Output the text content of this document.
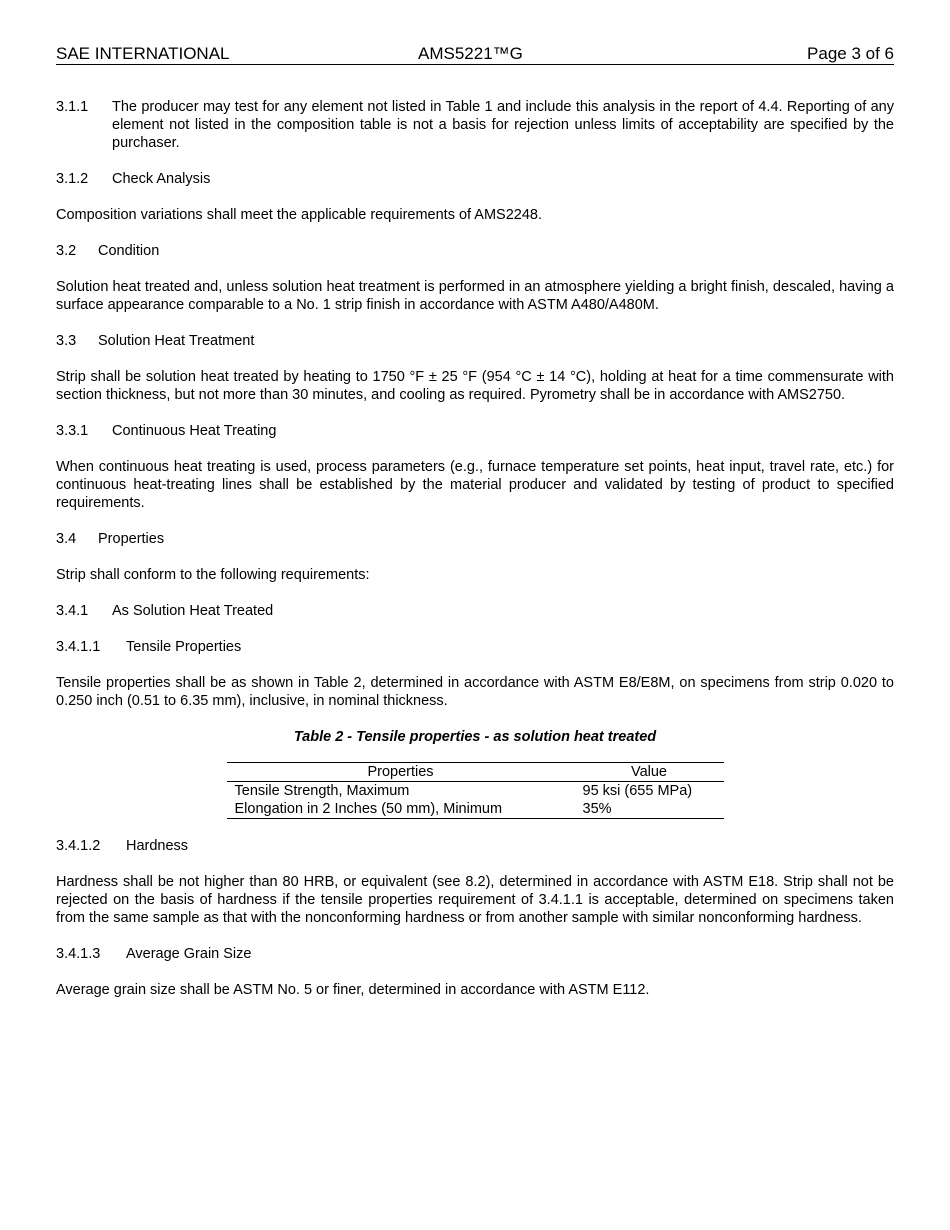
SAE INTERNATIONAL	AMS5221™G	Page 3 of 6
3.1.1	The producer may test for any element not listed in Table 1 and include this analysis in the report of 4.4. Reporting of any element not listed in the composition table is not a basis for rejection unless limits of acceptability are specified by the purchaser.
3.1.2 Check Analysis
Composition variations shall meet the applicable requirements of AMS2248.
3.2 Condition
Solution heat treated and, unless solution heat treatment is performed in an atmosphere yielding a bright finish, descaled, having a surface appearance comparable to a No. 1 strip finish in accordance with ASTM A480/A480M.
3.3 Solution Heat Treatment
Strip shall be solution heat treated by heating to 1750 °F ± 25 °F (954 °C ± 14 °C), holding at heat for a time commensurate with section thickness, but not more than 30 minutes, and cooling as required. Pyrometry shall be in accordance with AMS2750.
3.3.1 Continuous Heat Treating
When continuous heat treating is used, process parameters (e.g., furnace temperature set points, heat input, travel rate, etc.) for continuous heat-treating lines shall be established by the material producer and validated by testing of product to specified requirements.
3.4 Properties
Strip shall conform to the following requirements:
3.4.1 As Solution Heat Treated
3.4.1.1 Tensile Properties
Tensile properties shall be as shown in Table 2, determined in accordance with ASTM E8/E8M, on specimens from strip 0.020 to 0.250 inch (0.51 to 6.35 mm), inclusive, in nominal thickness.
Table 2 - Tensile properties - as solution heat treated
Properties	Value
Tensile Strength, Maximum	95 ksi (655 MPa)
Elongation in 2 Inches (50 mm), Minimum	35%
3.4.1.2 Hardness
Hardness shall be not higher than 80 HRB, or equivalent (see 8.2), determined in accordance with ASTM E18. Strip shall not be rejected on the basis of hardness if the tensile properties requirement of 3.4.1.1 is acceptable, determined on specimens taken from the same sample as that with the nonconforming hardness or from another sample with similar nonconforming hardness.
3.4.1.3 Average Grain Size
Average grain size shall be ASTM No. 5 or finer, determined in accordance with ASTM E112.
